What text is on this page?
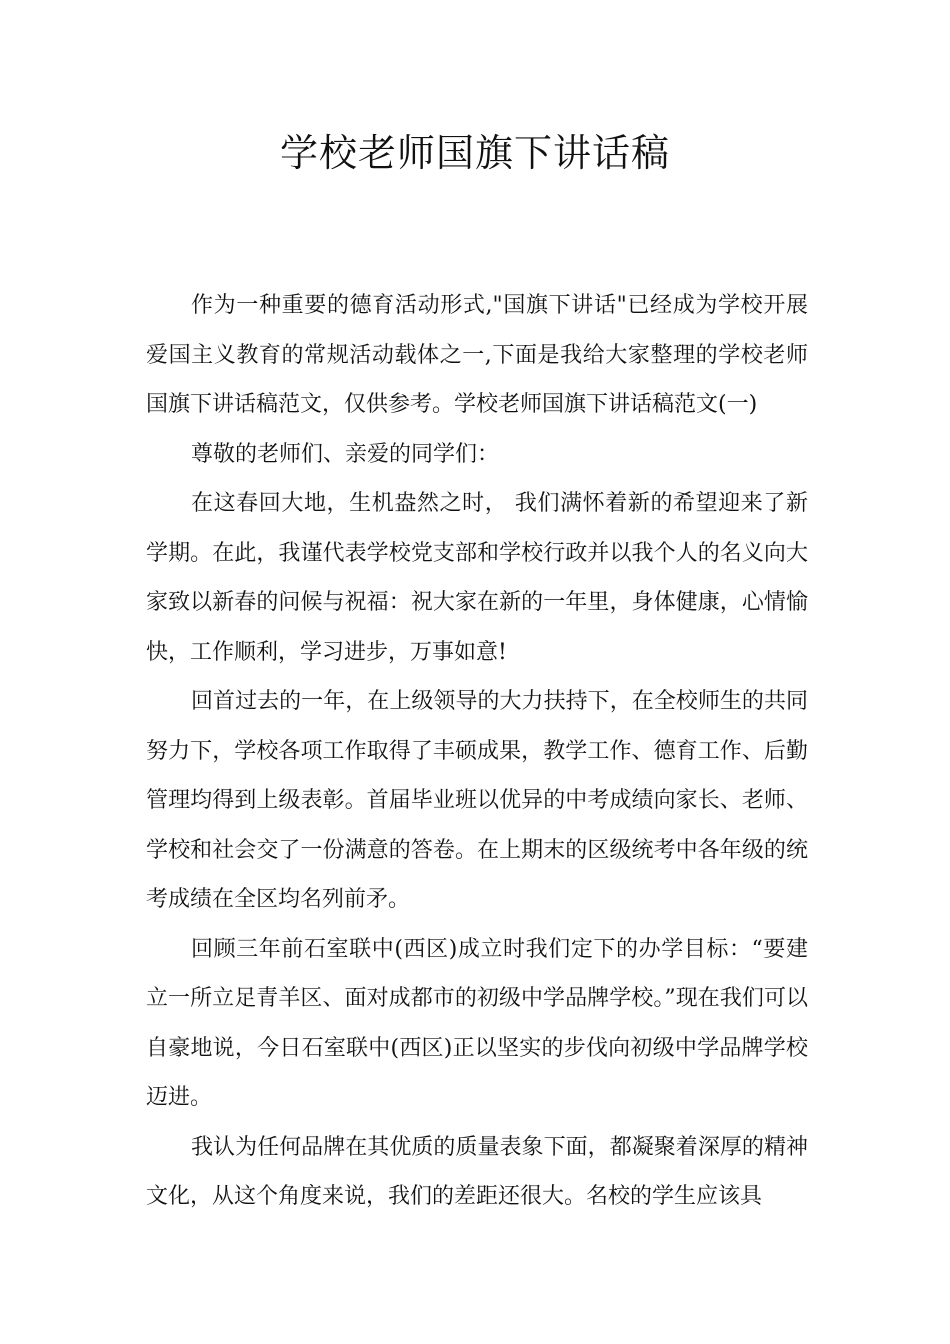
学校老师国旗下讲话稿

作为一种重要的德育活动形式,"国旗下讲话"已经成为学校开展爱国主义教育的常规活动载体之一,下面是我给大家整理的学校老师国旗下讲话稿范文，仅供参考。学校老师国旗下讲话稿范文(一)

尊敬的老师们、亲爱的同学们：

在这春回大地，生机盎然之时， 我们满怀着新的希望迎来了新学期。在此，我谨代表学校党支部和学校行政并以我个人的名义向大家致以新春的问候与祝福：祝大家在新的一年里，身体健康，心情愉快，工作顺利，学习进步，万事如意!

回首过去的一年，在上级领导的大力扶持下，在全校师生的共同努力下，学校各项工作取得了丰硕成果，教学工作、德育工作、后勤管理均得到上级表彰。首届毕业班以优异的中考成绩向家长、老师、学校和社会交了一份满意的答卷。在上期末的区级统考中各年级的统考成绩在全区均名列前矛。

回顾三年前石室联中(西区)成立时我们定下的办学目标：“要建立一所立足青羊区、面对成都市的初级中学品牌学校。”现在我们可以自豪地说，今日石室联中(西区)正以坚实的步伐向初级中学品牌学校迈进。

我认为任何品牌在其优质的质量表象下面，都凝聚着深厚的精神文化，从这个角度来说，我们的差距还很大。名校的学生应该具
